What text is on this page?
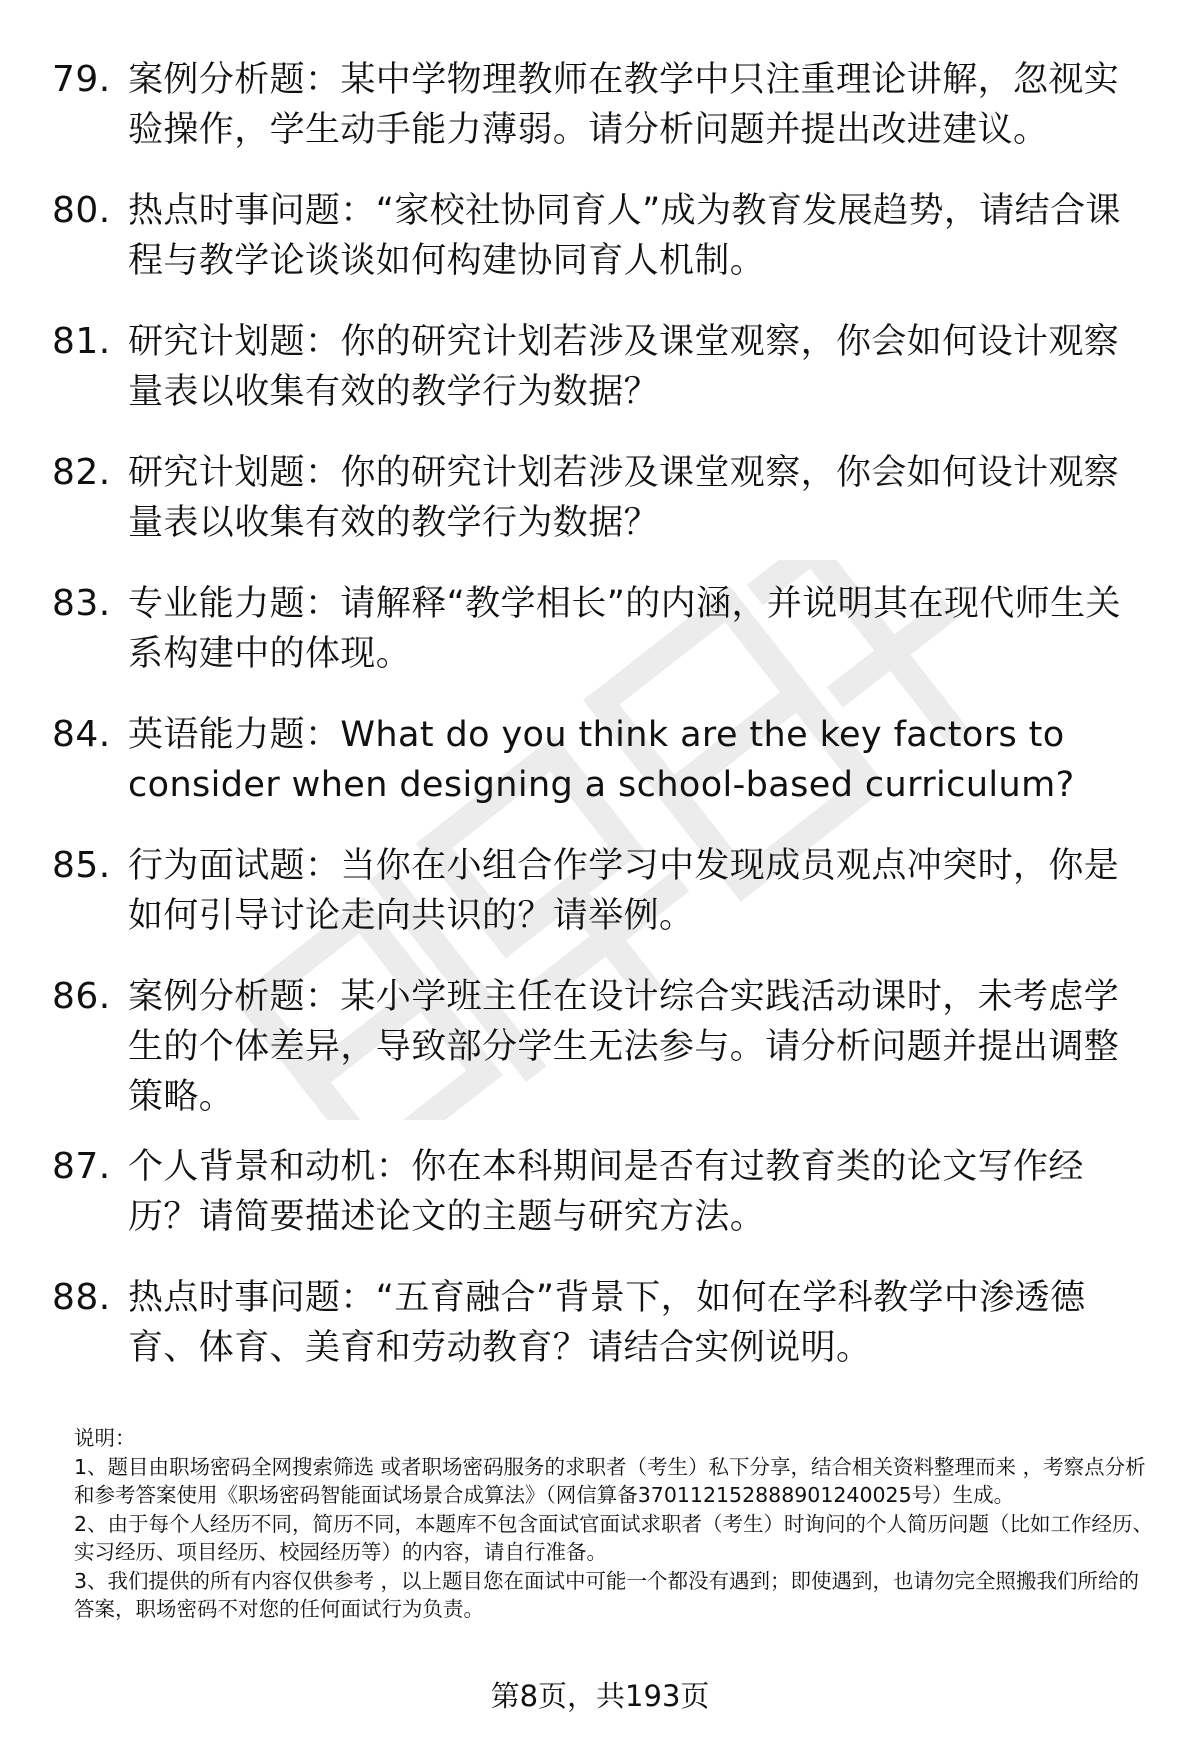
79. 案例分析题：某中学物理教师在教学中只注重理论讲解，忽视实验操作，学生动手能力薄弱。请分析问题并提出改进建议。
80. 热点时事问题：“家校社协同育人”成为教育发展趋势，请结合课程与教学论谈谈如何构建协同育人机制。
81. 研究计划题：你的研究计划若涉及课堂观察，你会如何设计观察量表以收集有效的教学行为数据？
82. 研究计划题：你的研究计划若涉及课堂观察，你会如何设计观察量表以收集有效的教学行为数据？
83. 专业能力题：请解释“教学相长”的内涵，并说明其在现代师生关系构建中的体现。
84. 英语能力题：What do you think are the key factors to consider when designing a school-based curriculum?
85. 行为面试题：当你在小组合作学习中发现成员观点冲突时，你是如何引导讨论走向共识的？请举例。
86. 案例分析题：某小学班主任在设计综合实践活动课时，未考虑学生的个体差异，导致部分学生无法参与。请分析问题并提出调整策略。
87. 个人背景和动机：你在本科期间是否有过教育类的论文写作经历？请简要描述论文的主题与研究方法。
88. 热点时事问题：“五育融合”背景下，如何在学科教学中渗透德育、体育、美育和劳动教育？请结合实例说明。

说明：

1、题目由职场密码全网搜索筛选 或者职场密码服务的求职者（考生）私下分享，结合相关资料整理而来 ，考察点分析和参考答案使用《职场密码智能面试场景合成算法》（网信算备370112152888901240025号）生成。

2、由于每个人经历不同，简历不同，本题库不包含面试官面试求职者（考生）时询问的个人简历问题（比如工作经历、实习经历、项目经历、校园经历等）的内容，请自行准备。

3、我们提供的所有内容仅供参考 ，以上题目您在面试中可能一个都没有遇到；即使遇到，也请勿完全照搬我们所给的答案，职场密码不对您的任何面试行为负责。

第8页，共193页
